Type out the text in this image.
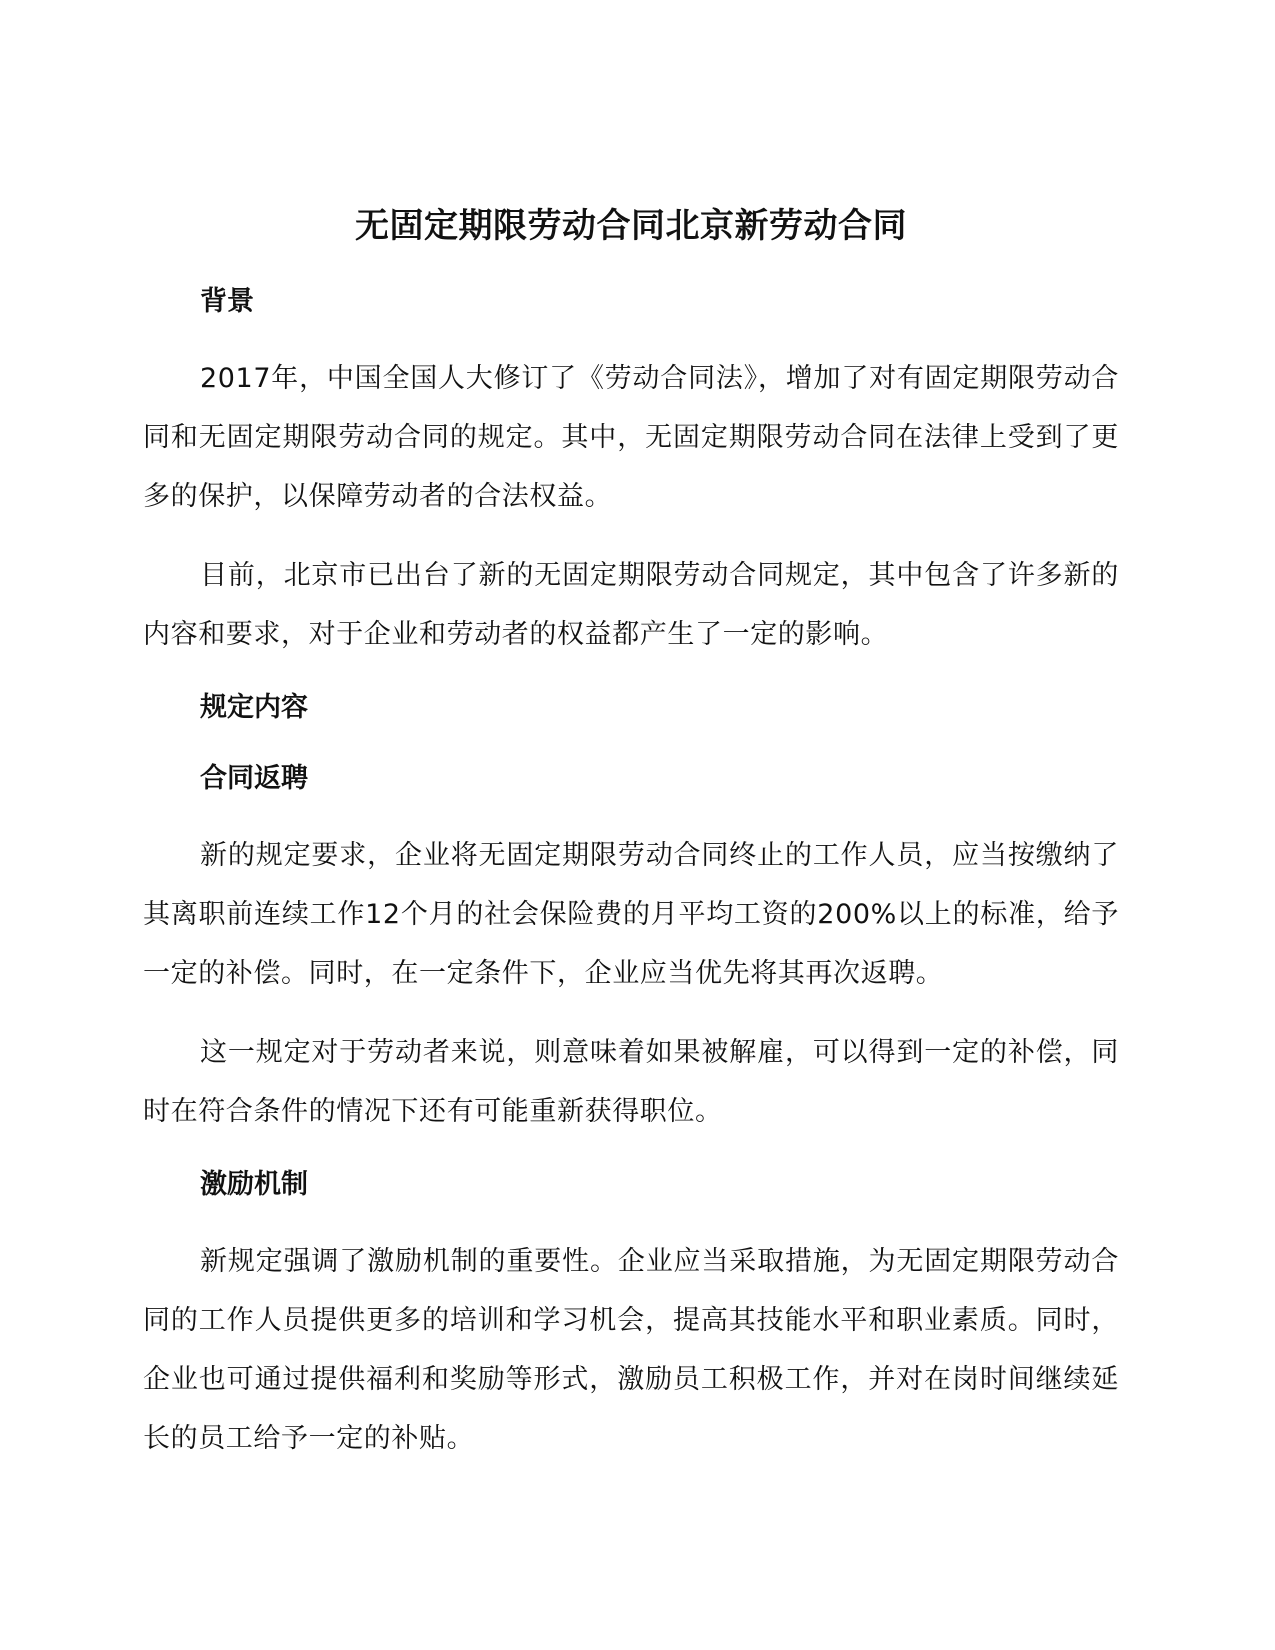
无固定期限劳动合同北京新劳动合同
背景

2017年，中国全国人大修订了《劳动合同法》，增加了对有固定期限劳动合同和无固定期限劳动合同的规定。其中，无固定期限劳动合同在法律上受到了更多的保护，以保障劳动者的合法权益。

目前，北京市已出台了新的无固定期限劳动合同规定，其中包含了许多新的内容和要求，对于企业和劳动者的权益都产生了一定的影响。

规定内容
合同返聘

新的规定要求，企业将无固定期限劳动合同终止的工作人员，应当按缴纳了其离职前连续工作12个月的社会保险费的月平均工资的200%以上的标准，给予一定的补偿。同时，在一定条件下，企业应当优先将其再次返聘。

这一规定对于劳动者来说，则意味着如果被解雇，可以得到一定的补偿，同时在符合条件的情况下还有可能重新获得职位。

激励机制

新规定强调了激励机制的重要性。企业应当采取措施，为无固定期限劳动合同的工作人员提供更多的培训和学习机会，提高其技能水平和职业素质。同时，企业也可通过提供福利和奖励等形式，激励员工积极工作，并对在岗时间继续延长的员工给予一定的补贴。
